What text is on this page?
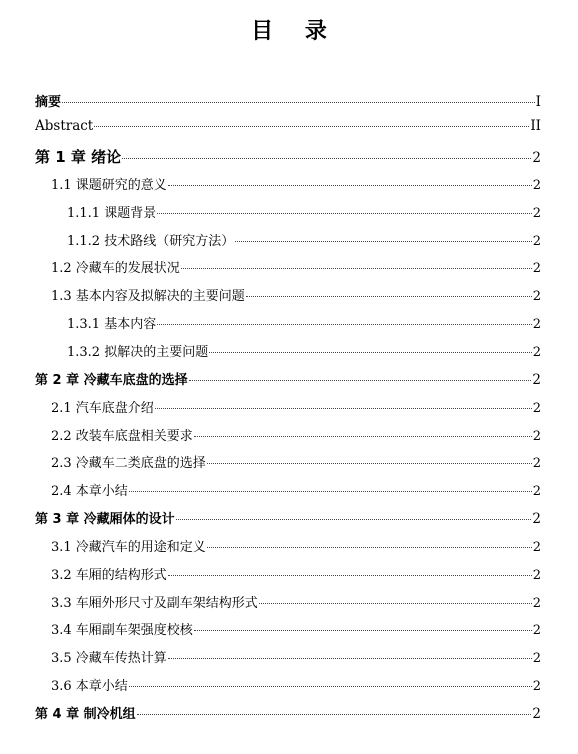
目 录
摘要	I
Abstract	II
第 1 章 绪论	2
1.1 课题研究的意义	2
1.1.1 课题背景	2
1.1.2 技术路线（研究方法）	2
1.2 冷藏车的发展状况	2
1.3 基本内容及拟解决的主要问题	2
1.3.1 基本内容	2
1.3.2 拟解决的主要问题	2
第 2 章 冷藏车底盘的选择	2
2.1 汽车底盘介绍	2
2.2 改装车底盘相关要求	2
2.3 冷藏车二类底盘的选择	2
2.4 本章小结	2
第 3 章 冷藏厢体的设计	2
3.1 冷藏汽车的用途和定义	2
3.2 车厢的结构形式	2
3.3 车厢外形尺寸及副车架结构形式	2
3.4 车厢副车架强度校核	2
3.5 冷藏车传热计算	2
3.6 本章小结	2
第 4 章 制冷机组	2
